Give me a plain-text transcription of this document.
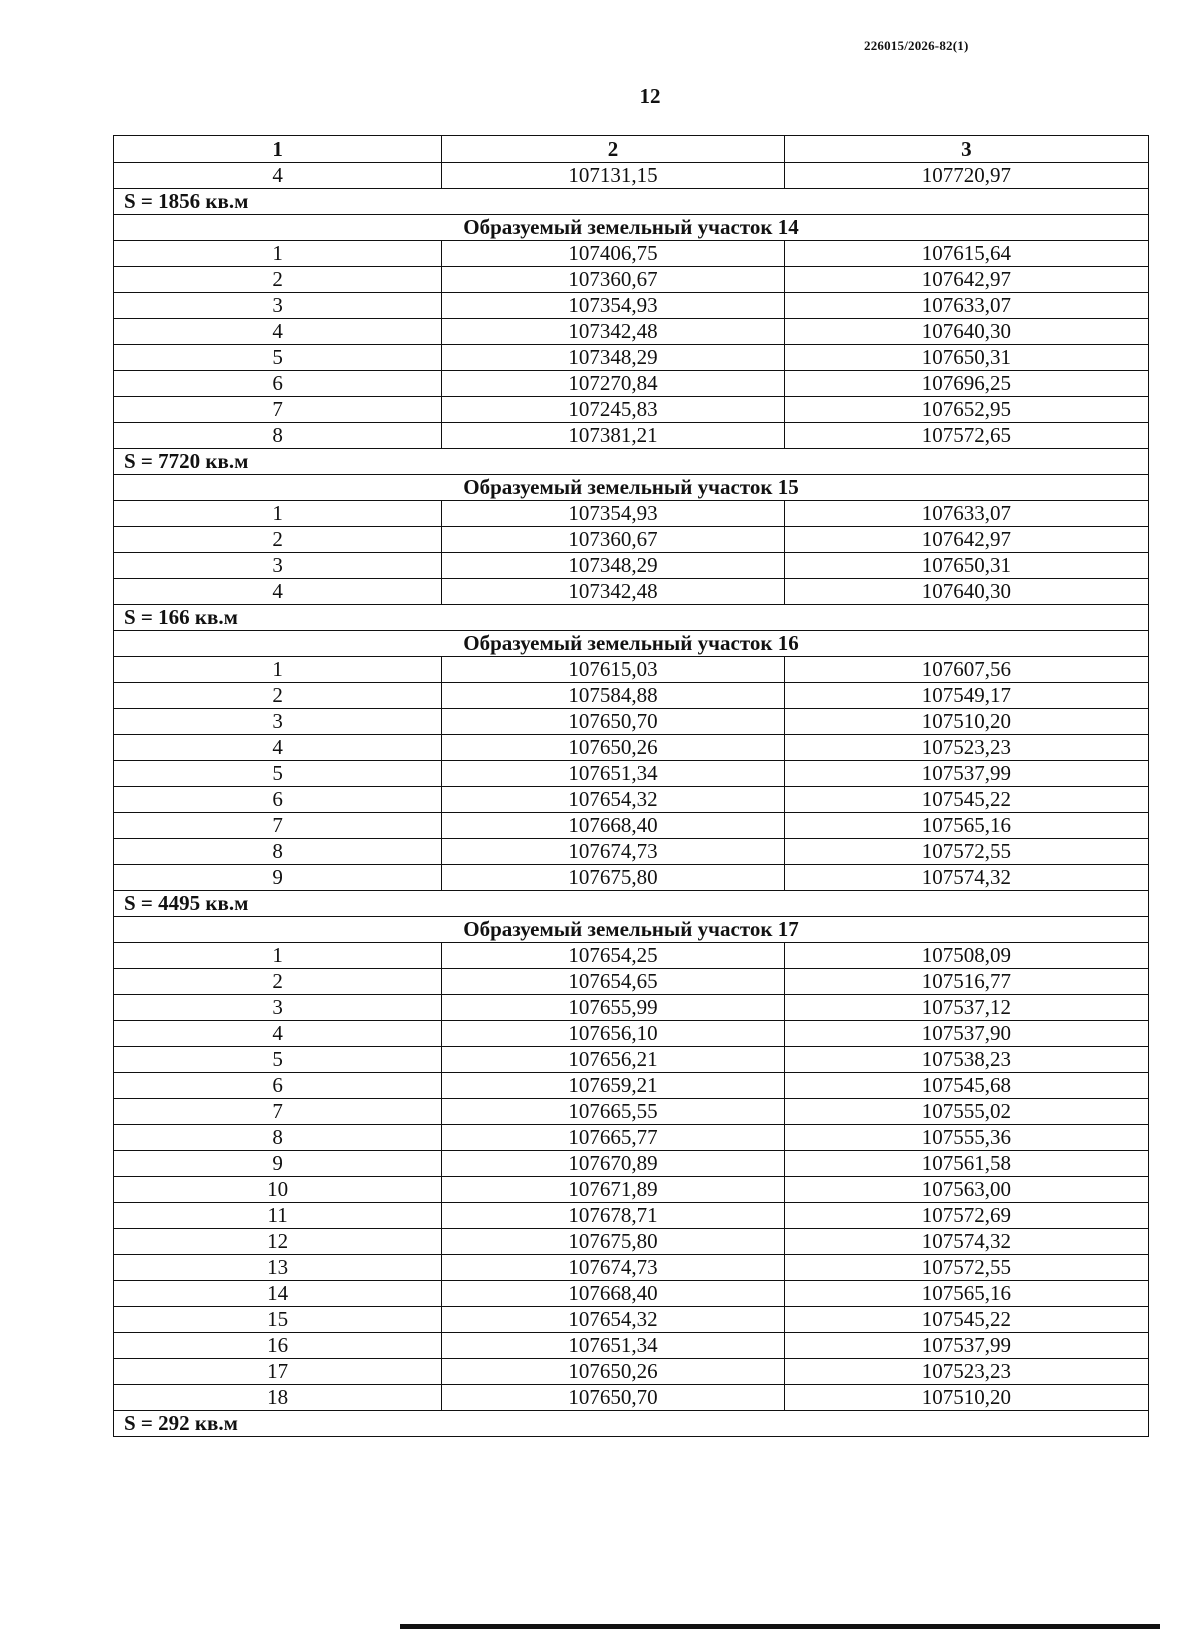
226015/2026-82(1)
12
1	2	3
4	107131,15	107720,97
S = 1856 кв.м		
Образуемый земельный участок 14		
1	107406,75	107615,64
2	107360,67	107642,97
3	107354,93	107633,07
4	107342,48	107640,30
5	107348,29	107650,31
6	107270,84	107696,25
7	107245,83	107652,95
8	107381,21	107572,65
S = 7720 кв.м		
Образуемый земельный участок 15		
1	107354,93	107633,07
2	107360,67	107642,97
3	107348,29	107650,31
4	107342,48	107640,30
S = 166 кв.м		
Образуемый земельный участок 16		
1	107615,03	107607,56
2	107584,88	107549,17
3	107650,70	107510,20
4	107650,26	107523,23
5	107651,34	107537,99
6	107654,32	107545,22
7	107668,40	107565,16
8	107674,73	107572,55
9	107675,80	107574,32
S = 4495 кв.м		
Образуемый земельный участок 17		
1	107654,25	107508,09
2	107654,65	107516,77
3	107655,99	107537,12
4	107656,10	107537,90
5	107656,21	107538,23
6	107659,21	107545,68
7	107665,55	107555,02
8	107665,77	107555,36
9	107670,89	107561,58
10	107671,89	107563,00
11	107678,71	107572,69
12	107675,80	107574,32
13	107674,73	107572,55
14	107668,40	107565,16
15	107654,32	107545,22
16	107651,34	107537,99
17	107650,26	107523,23
18	107650,70	107510,20
S = 292 кв.м		
